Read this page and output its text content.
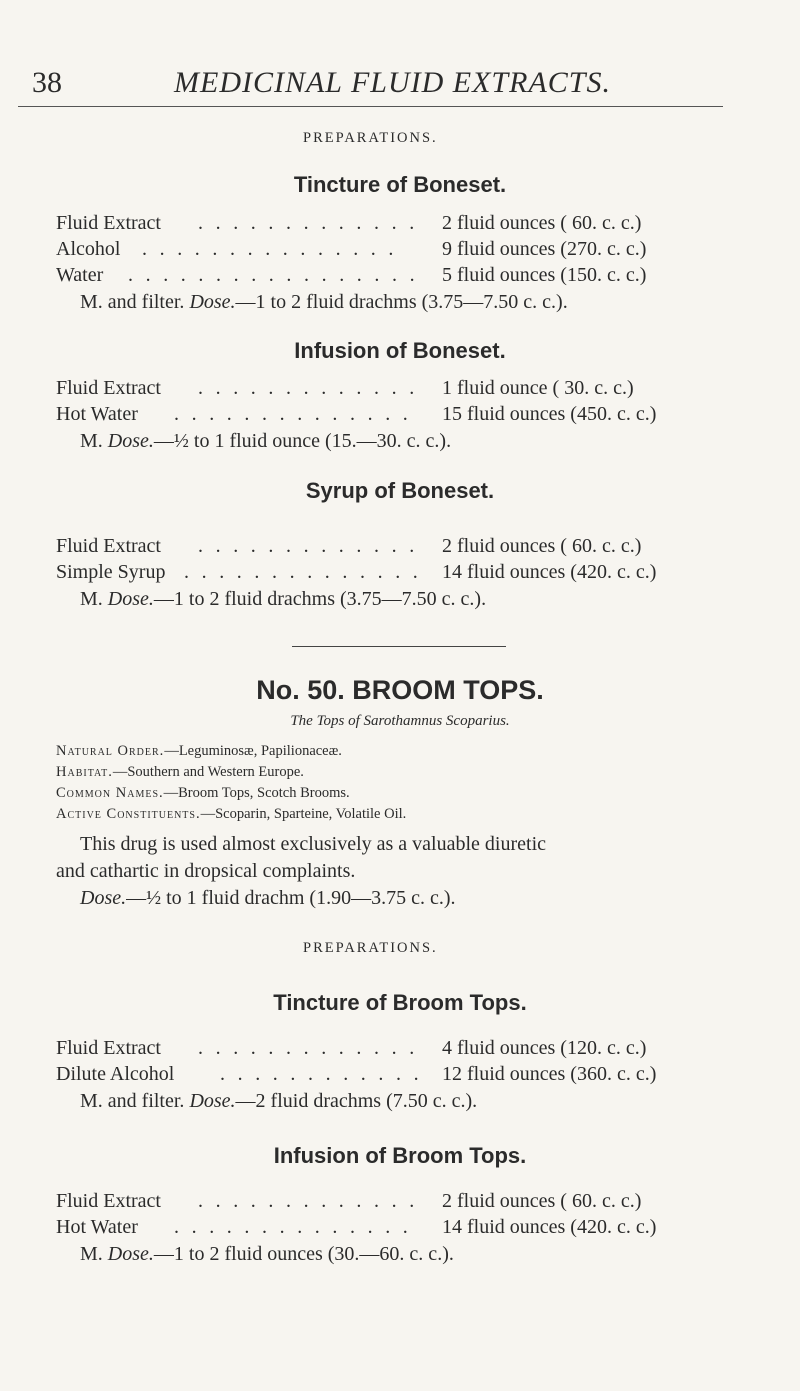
38	MEDICINAL FLUID EXTRACTS.
PREPARATIONS.
Tincture of Boneset.
Fluid Extract . . . . . . . . . . . . . 2 fluid ounces ( 60. c. c.)
Alcohol . . . . . . . . . . . . . . . 9 fluid ounces (270. c. c.)
Water . . . . . . . . . . . . . . . . . 5 fluid ounces (150. c. c.)
M. and filter. Dose.—1 to 2 fluid drachms (3.75—7.50 c. c.).
Infusion of Boneset.
Fluid Extract . . . . . . . . . . . . . 1 fluid ounce ( 30. c. c.)
Hot Water . . . . . . . . . . . . . . 15 fluid ounces (450. c. c.)
M. Dose.—½ to 1 fluid ounce (15.—30. c. c.).
Syrup of Boneset.
Fluid Extract . . . . . . . . . . . . . 2 fluid ounces ( 60. c. c.)
Simple Syrup . . . . . . . . . . . . . . 14 fluid ounces (420. c. c.)
M. Dose.—1 to 2 fluid drachms (3.75—7.50 c. c.).
No. 50. BROOM TOPS.
The Tops of Sarothamnus Scoparius.
Natural Order.—Leguminosæ, Papilionaceæ.
Habitat.—Southern and Western Europe.
Common Names.—Broom Tops, Scotch Brooms.
Active Constituents.—Scoparin, Sparteine, Volatile Oil.
This drug is used almost exclusively as a valuable diuretic
and cathartic in dropsical complaints.
Dose.—½ to 1 fluid drachm (1.90—3.75 c. c.).
PREPARATIONS.
Tincture of Broom Tops.
Fluid Extract . . . . . . . . . . . . . 4 fluid ounces (120. c. c.)
Dilute Alcohol . . . . . . . . . . . . 12 fluid ounces (360. c. c.)
M. and filter. Dose.—2 fluid drachms (7.50 c. c.).
Infusion of Broom Tops.
Fluid Extract . . . . . . . . . . . . . 2 fluid ounces ( 60. c. c.)
Hot Water . . . . . . . . . . . . . . 14 fluid ounces (420. c. c.)
M. Dose.—1 to 2 fluid ounces (30.—60. c. c.).
